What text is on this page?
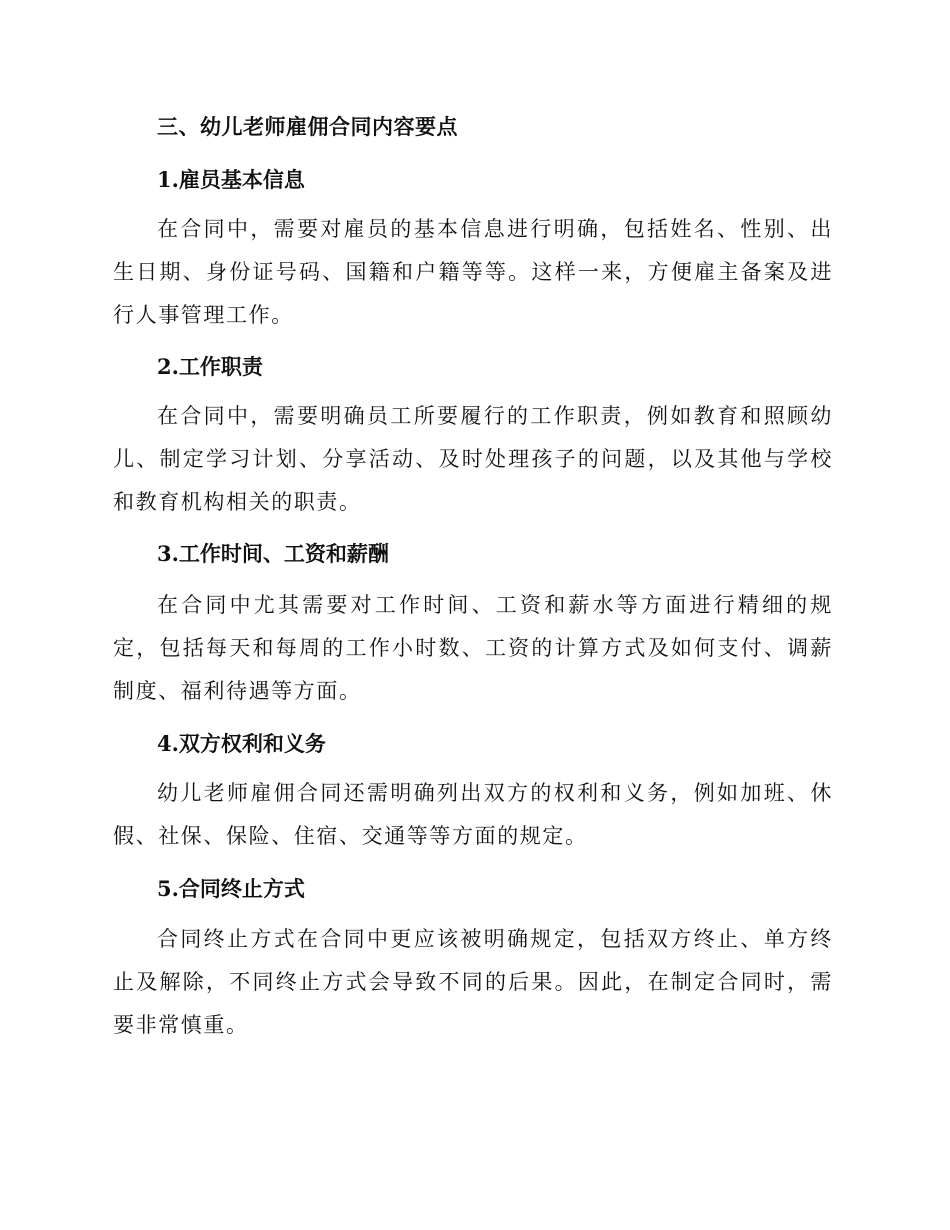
三、幼儿老师雇佣合同内容要点
1.雇员基本信息
在合同中，需要对雇员的基本信息进行明确，包括姓名、性别、出生日期、身份证号码、国籍和户籍等等。这样一来，方便雇主备案及进行人事管理工作。
2.工作职责
在合同中，需要明确员工所要履行的工作职责，例如教育和照顾幼儿、制定学习计划、分享活动、及时处理孩子的问题，以及其他与学校和教育机构相关的职责。
3.工作时间、工资和薪酬
在合同中尤其需要对工作时间、工资和薪水等方面进行精细的规定，包括每天和每周的工作小时数、工资的计算方式及如何支付、调薪制度、福利待遇等方面。
4.双方权利和义务
幼儿老师雇佣合同还需明确列出双方的权利和义务，例如加班、休假、社保、保险、住宿、交通等等方面的规定。
5.合同终止方式
合同终止方式在合同中更应该被明确规定，包括双方终止、单方终止及解除，不同终止方式会导致不同的后果。因此，在制定合同时，需要非常慎重。
